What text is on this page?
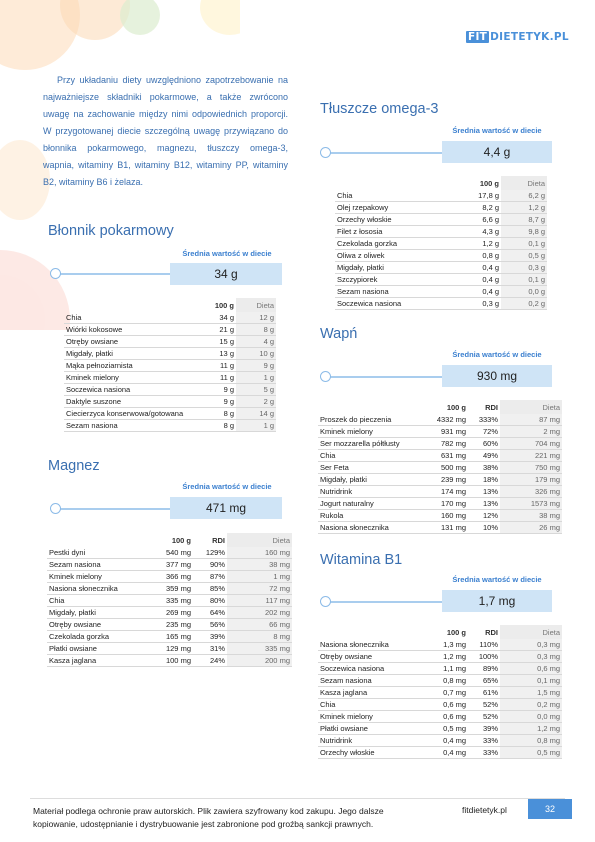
FIT DIETETYK.PL

Przy układaniu diety uwzględniono zapotrzebowanie na najważniejsze składniki pokarmowe, a także zwrócono uwagę na zachowanie między nimi odpowiednich proporcji. W przygotowanej diecie szczególną uwagę przywiązano do błonnika pokarmowego, magnezu, tłuszczy omega-3, wapnia, witaminy B1, witaminy B12, witaminy PP, witaminy B2, witaminy B6 i żelaza.

Błonnik pokarmowy
Średnia wartość w diecie
34 g
	100 g	Dieta
Chia	34 g	12 g
Wiórki kokosowe	21 g	8 g
Otręby owsiane	15 g	4 g
Migdały, płatki	13 g	10 g
Mąka pełnoziarnista	11 g	9 g
Kminek mielony	11 g	1 g
Soczewica nasiona	9 g	5 g
Daktyle suszone	9 g	2 g
Ciecierzyca konserwowa/gotowana	8 g	14 g
Sezam nasiona	8 g	1 g
Magnez
Średnia wartość w diecie
471 mg
	100 g	RDI	Dieta
Pestki dyni	540 mg	129%	160 mg
Sezam nasiona	377 mg	90%	38 mg
Kminek mielony	366 mg	87%	1 mg
Nasiona słonecznika	359 mg	85%	72 mg
Chia	335 mg	80%	117 mg
Migdały, płatki	269 mg	64%	202 mg
Otręby owsiane	235 mg	56%	66 mg
Czekolada gorzka	165 mg	39%	8 mg
Płatki owsiane	129 mg	31%	335 mg
Kasza jaglana	100 mg	24%	200 mg
Tłuszcze omega-3
Średnia wartość w diecie
4,4 g
	100 g	Dieta
Chia	17,8 g	6,2 g
Olej rzepakowy	8,2 g	1,2 g
Orzechy włoskie	6,6 g	8,7 g
Filet z łososia	4,3 g	9,8 g
Czekolada gorzka	1,2 g	0,1 g
Oliwa z oliwek	0,8 g	0,5 g
Migdały, płatki	0,4 g	0,3 g
Szczypiorek	0,4 g	0,1 g
Sezam nasiona	0,4 g	0,0 g
Soczewica nasiona	0,3 g	0,2 g
Wapń
Średnia wartość w diecie
930 mg
	100 g	RDI	Dieta
Proszek do pieczenia	4332 mg	333%	87 mg
Kminek mielony	931 mg	72%	2 mg
Ser mozzarella półtłusty	782 mg	60%	704 mg
Chia	631 mg	49%	221 mg
Ser Feta	500 mg	38%	750 mg
Migdały, płatki	239 mg	18%	179 mg
Nutridrink	174 mg	13%	326 mg
Jogurt naturalny	170 mg	13%	1573 mg
Rukola	160 mg	12%	38 mg
Nasiona słonecznika	131 mg	10%	26 mg
Witamina B1
Średnia wartość w diecie
1,7 mg
	100 g	RDI	Dieta
Nasiona słonecznika	1,3 mg	110%	0,3 mg
Otręby owsiane	1,2 mg	100%	0,3 mg
Soczewica nasiona	1,1 mg	89%	0,6 mg
Sezam nasiona	0,8 mg	65%	0,1 mg
Kasza jaglana	0,7 mg	61%	1,5 mg
Chia	0,6 mg	52%	0,2 mg
Kminek mielony	0,6 mg	52%	0,0 mg
Płatki owsiane	0,5 mg	39%	1,2 mg
Nutridrink	0,4 mg	33%	0,8 mg
Orzechy włoskie	0,4 mg	33%	0,5 mg
Materiał podlega ochronie praw autorskich. Plik zawiera szyfrowany kod zakupu. Jego dalsze kopiowanie, udostępnianie i dystrybuowanie jest zabronione pod groźbą sankcji prawnych.
fitdietetyk.pl	32
